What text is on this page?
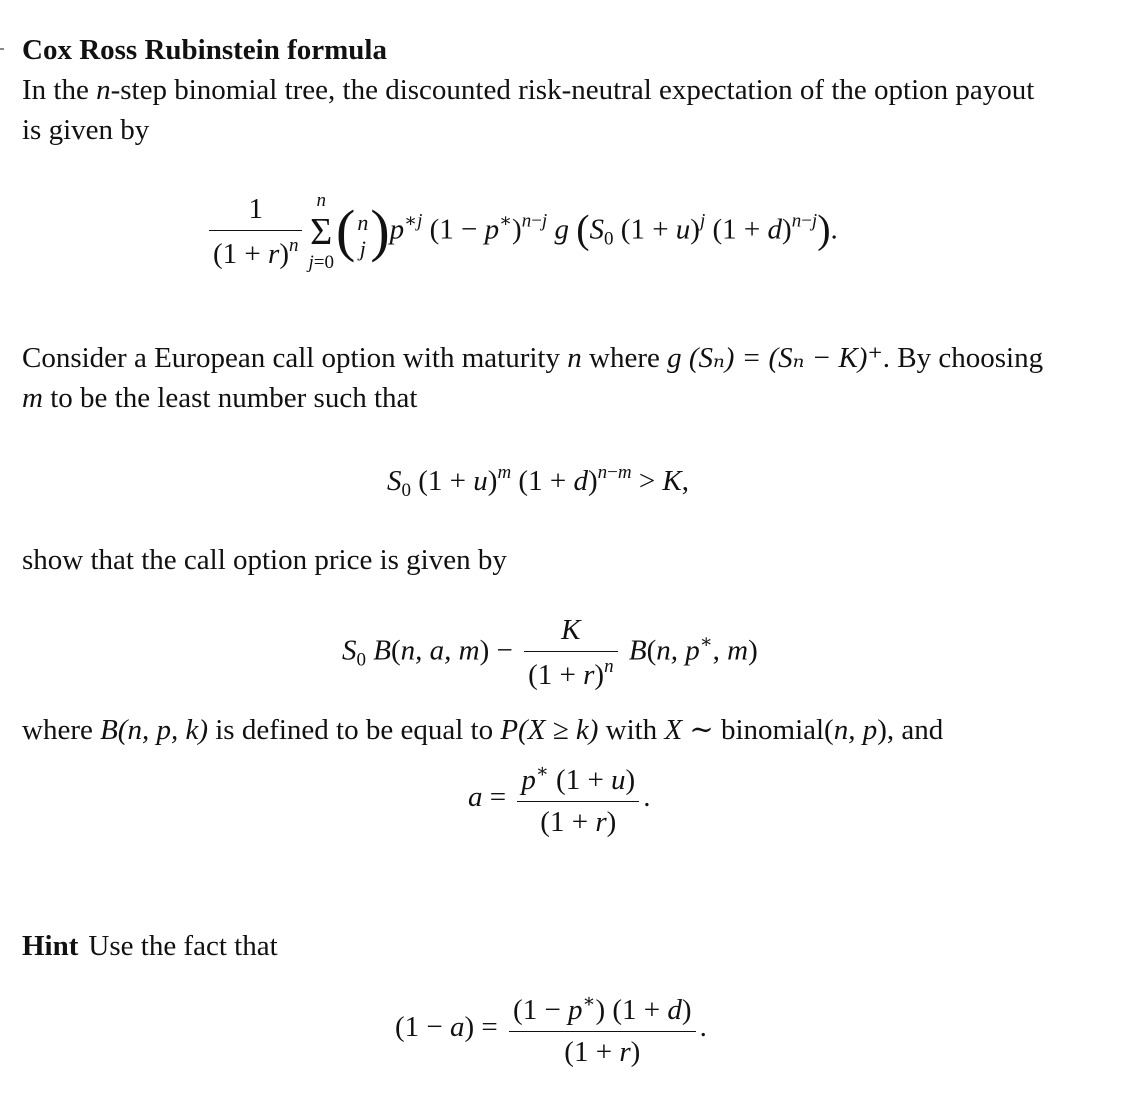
Cox Ross Rubinstein formula
In the n-step binomial tree, the discounted risk-neutral expectation of the option payout
is given by
$\frac{1}{(1 + r)^n}$ n
Σ
j=0 ( n
j )$p^{∗j}$ $(1 - p^∗)^{n-j}$ g ($S_0$ $(1 + u)^j$ $(1 + d)^{n-j}$).
Consider a European call option with maturity n where g (Sₙ) = (Sₙ − K)⁺. By choosing
m to be the least number such that
$S_0$ $(1 + u)^m$ $(1 + d)^{n-m} > K$,
show that the call option price is given by
$S_0$ B(n, a, $m) - \frac{K}{(1 + r)^n} B(n$, p∗, m)
where B(n, p, k) is defined to be equal to P(X ≥ k) with X ∼ binomial(n, p), and
$a = \frac{p^∗ (1 + u)}{(1 + r)}$ .
Hint Use the fact that
$(1 - a) = \frac{(1 - p^∗) (1 + d)}{(1 + r)}$ .
